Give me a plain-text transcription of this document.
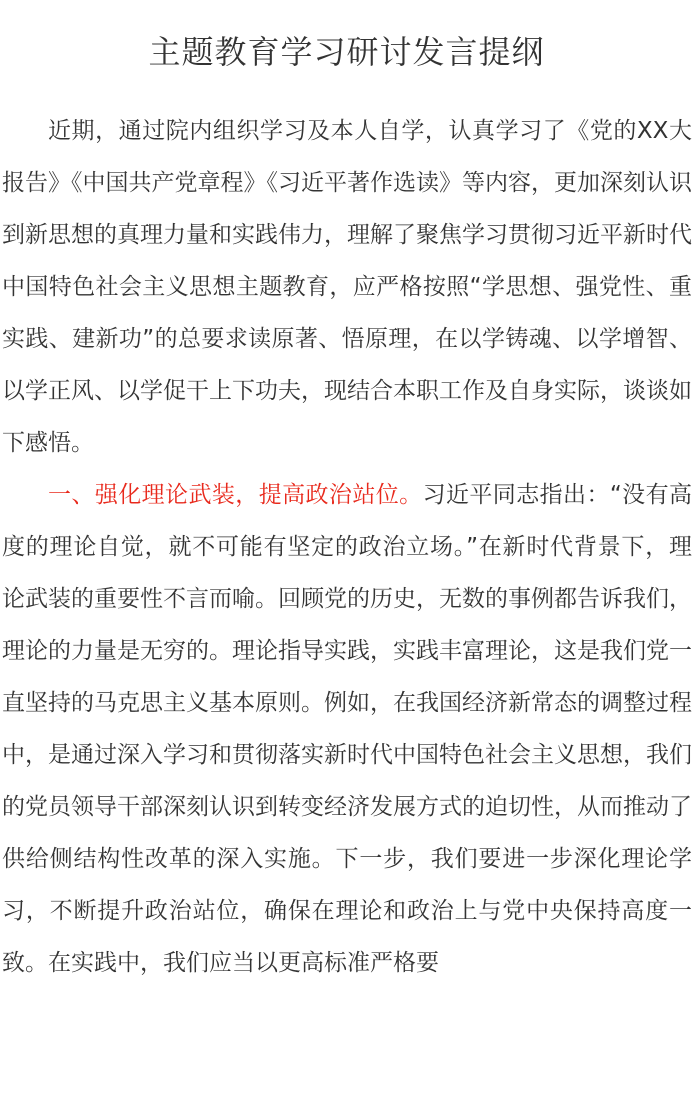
主题教育学习研讨发言提纲

近期，通过院内组织学习及本人自学，认真学习了《党的XX大报告》《中国共产党章程》《习近平著作选读》等内容，更加深刻认识到新思想的真理力量和实践伟力，理解了聚焦学习贯彻习近平新时代中国特色社会主义思想主题教育，应严格按照“学思想、强党性、重实践、建新功”的总要求读原著、悟原理，在以学铸魂、以学增智、以学正风、以学促干上下功夫，现结合本职工作及自身实际，谈谈如下感悟。

一、强化理论武装，提高政治站位。习近平同志指出：“没有高度的理论自觉，就不可能有坚定的政治立场。”在新时代背景下，理论武装的重要性不言而喻。回顾党的历史，无数的事例都告诉我们，理论的力量是无穷的。理论指导实践，实践丰富理论，这是我们党一直坚持的马克思主义基本原则。例如，在我国经济新常态的调整过程中，是通过深入学习和贯彻落实新时代中国特色社会主义思想，我们的党员领导干部深刻认识到转变经济发展方式的迫切性，从而推动了供给侧结构性改革的深入实施。下一步，我们要进一步深化理论学习，不断提升政治站位，确保在理论和政治上与党中央保持高度一致。在实践中，我们应当以更高标准严格要
